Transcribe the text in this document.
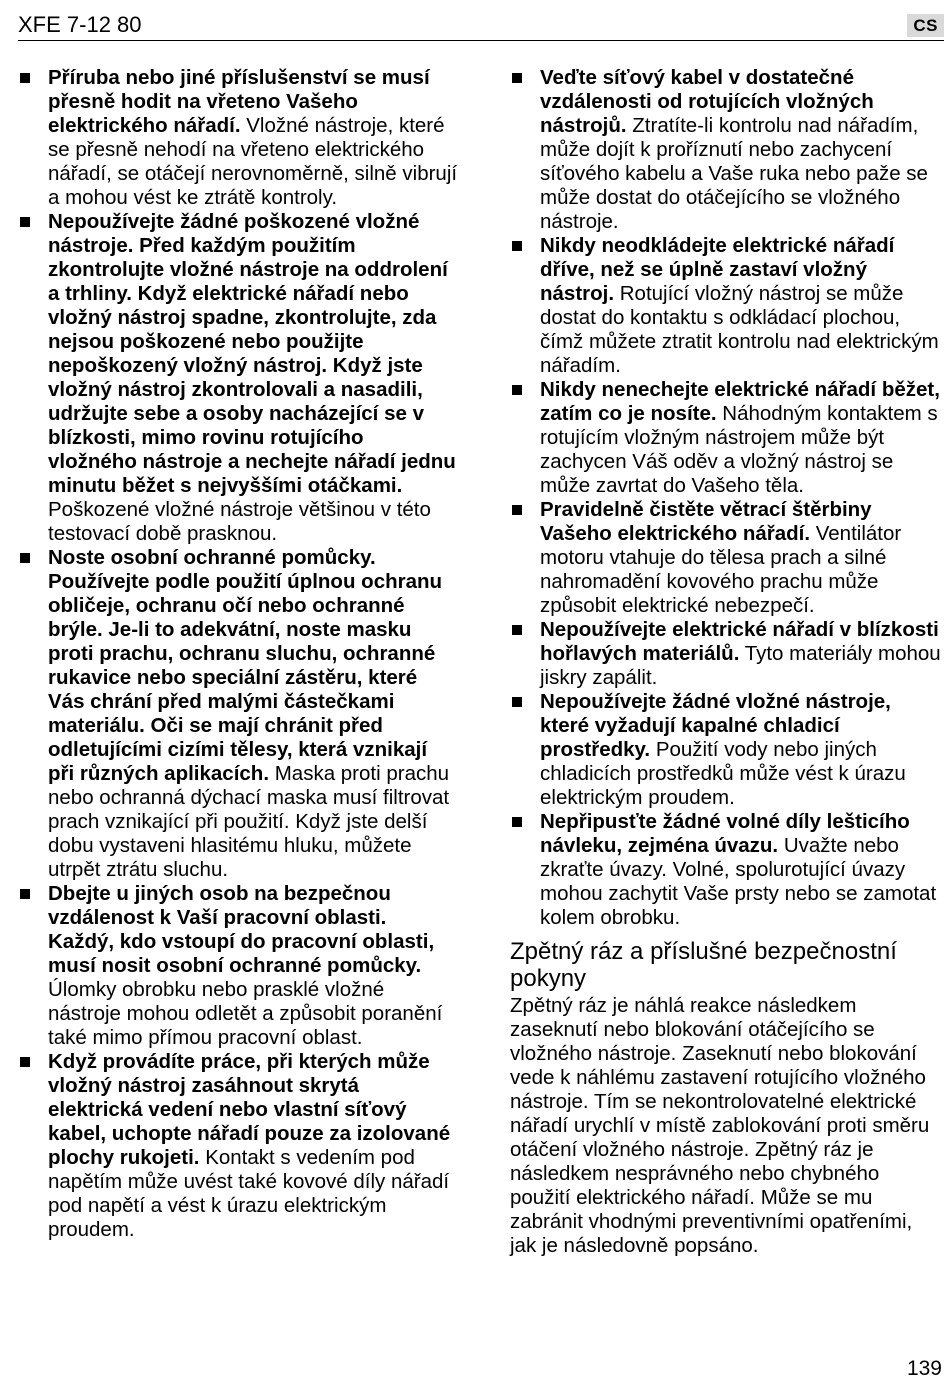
XFE 7-12 80	CS
Příruba nebo jiné příslušenství se musí přesně hodit na vřeteno Vašeho elektrického nářadí. Vložné nástroje, které se přesně nehodí na vřeteno elektrického nářadí, se otáčejí nerovnoměrně, silně vibrují a mohou vést ke ztrátě kontroly.
Nepoužívejte žádné poškozené vložné nástroje. Před každým použitím zkontrolujte vložné nástroje na oddrolení a trhliny. Když elektrické nářadí nebo vložný nástroj spadne, zkontrolujte, zda nejsou poškozené nebo použijte nepoškozený vložný nástroj. Když jste vložný nástroj zkontrolovali a nasadili, udržujte sebe a osoby nacházející se v blízkosti, mimo rovinu rotujícího vložného nástroje a nechejte nářadí jednu minutu běžet s nejvyššími otáčkami. Poškozené vložné nástroje většinou v této testovací době prasknou.
Noste osobní ochranné pomůcky. Používejte podle použití úplnou ochranu obličeje, ochranu očí nebo ochranné brýle. Je-li to adekvátní, noste masku proti prachu, ochranu sluchu, ochranné rukavice nebo speciální zástěru, které Vás chrání před malými částečkami materiálu. Oči se mají chránit před odletujícími cizími tělesy, která vznikají při různých aplikacích. Maska proti prachu nebo ochranná dýchací maska musí filtrovat prach vznikající při použití. Když jste delší dobu vystaveni hlasitému hluku, můžete utrpět ztrátu sluchu.
Dbejte u jiných osob na bezpečnou vzdálenost k Vaší pracovní oblasti. Každý, kdo vstoupí do pracovní oblasti, musí nosit osobní ochranné pomůcky. Úlomky obrobku nebo prasklé vložné nástroje mohou odletět a způsobit poranění také mimo přímou pracovní oblast.
Když provádíte práce, při kterých může vložný nástroj zasáhnout skrytá elektrická vedení nebo vlastní síťový kabel, uchopte nářadí pouze za izolované plochy rukojeti. Kontakt s vedením pod napětím může uvést také kovové díly nářadí pod napětí a vést k úrazu elektrickým proudem.
Veďte síťový kabel v dostatečné vzdálenosti od rotujících vložných nástrojů. Ztratíte-li kontrolu nad nářadím, může dojít k proříznutí nebo zachycení síťového kabelu a Vaše ruka nebo paže se může dostat do otáčejícího se vložného nástroje.
Nikdy neodkládejte elektrické nářadí dříve, než se úplně zastaví vložný nástroj. Rotující vložný nástroj se může dostat do kontaktu s odkládací plochou, čímž můžete ztratit kontrolu nad elektrickým nářadím.
Nikdy nenechejte elektrické nářadí běžet, zatím co je nosíte. Náhodným kontaktem s rotujícím vložným nástrojem může být zachycen Váš oděv a vložný nástroj se může zavrtat do Vašeho těla.
Pravidelně čistěte větrací štěrbiny Vašeho elektrického nářadí. Ventilátor motoru vtahuje do tělesa prach a silné nahromadění kovového prachu může způsobit elektrické nebezpečí.
Nepoužívejte elektrické nářadí v blízkosti hořlavých materiálů. Tyto materiály mohou jiskry zapálit.
Nepoužívejte žádné vložné nástroje, které vyžadují kapalné chladicí prostředky. Použití vody nebo jiných chladicích prostředků může vést k úrazu elektrickým proudem.
Nepřipusťte žádné volné díly lešticího návleku, zejména úvazu. Uvažte nebo zkraťte úvazy. Volné, spolurotující úvazy mohou zachytit Vaše prsty nebo se zamotat kolem obrobku.
Zpětný ráz a příslušné bezpečnostní pokyny

Zpětný ráz je náhlá reakce následkem zaseknutí nebo blokování otáčejícího se vložného nástroje. Zaseknutí nebo blokování vede k náhlému zastavení rotujícího vložného nástroje. Tím se nekontrolovatelné elektrické nářadí urychlí v místě zablokování proti směru otáčení vložného nástroje. Zpětný ráz je následkem nesprávného nebo chybného použití elektrického nářadí. Může se mu zabránit vhodnými preventivními opatřeními, jak je následovně popsáno.

139
